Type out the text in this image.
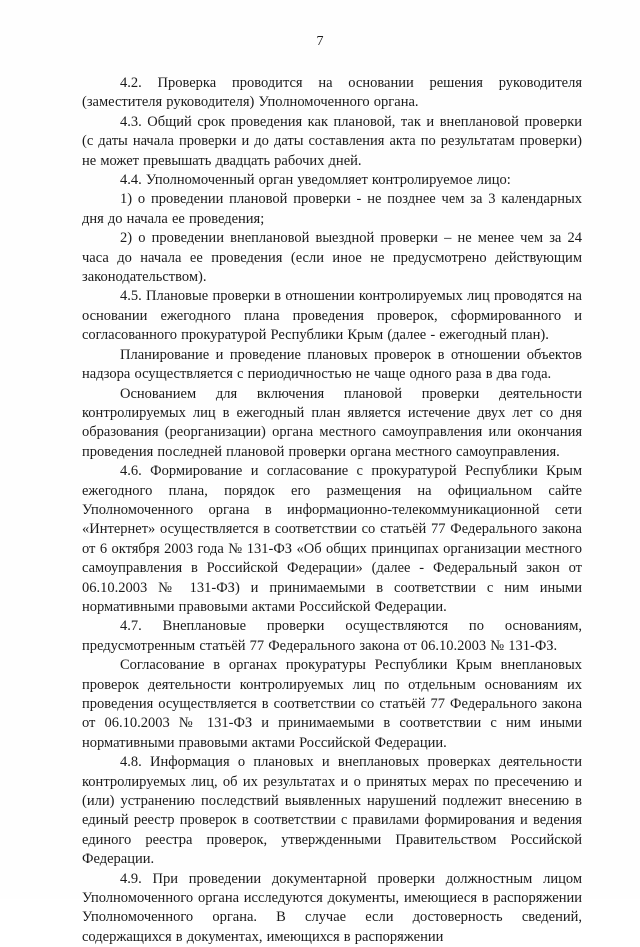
7

4.2. Проверка проводится на основании решения руководителя (заместителя руководителя) Уполномоченного органа.

4.3. Общий срок проведения как плановой, так и внеплановой проверки (с даты начала проверки и до даты составления акта по результатам проверки) не может превышать двадцать рабочих дней.

4.4. Уполномоченный орган уведомляет контролируемое лицо:

1) о проведении плановой проверки - не позднее чем за 3 календарных дня до начала ее проведения;

2) о проведении внеплановой выездной проверки – не менее чем за 24 часа до начала ее проведения (если иное не предусмотрено действующим законодательством).

4.5. Плановые проверки в отношении контролируемых лиц проводятся на основании ежегодного плана проведения проверок, сформированного и согласованного прокуратурой Республики Крым (далее - ежегодный план).

Планирование и проведение плановых проверок в отношении объектов надзора осуществляется с периодичностью не чаще одного раза в два года.

Основанием для включения плановой проверки деятельности контролируемых лиц в ежегодный план является истечение двух лет со дня образования (реорганизации) органа местного самоуправления или окончания проведения последней плановой проверки органа местного самоуправления.

4.6. Формирование и согласование с прокуратурой Республики Крым ежегодного плана, порядок его размещения на официальном сайте Уполномоченного органа в информационно-телекоммуникационной сети «Интернет» осуществляется в соответствии со статьёй 77 Федерального закона от 6 октября 2003 года № 131-ФЗ «Об общих принципах организации местного самоуправления в Российской Федерации» (далее - Федеральный закон от 06.10.2003 № 131-ФЗ) и принимаемыми в соответствии с ним иными нормативными правовыми актами Российской Федерации.

4.7. Внеплановые проверки осуществляются по основаниям, предусмотренным статьёй 77 Федерального закона от 06.10.2003 № 131-ФЗ.

Согласование в органах прокуратуры Республики Крым внеплановых проверок деятельности контролируемых лиц по отдельным основаниям их проведения осуществляется в соответствии со статьёй 77 Федерального закона от 06.10.2003 № 131-ФЗ и принимаемыми в соответствии с ним иными нормативными правовыми актами Российской Федерации.

4.8. Информация о плановых и внеплановых проверках деятельности контролируемых лиц, об их результатах и о принятых мерах по пресечению и (или) устранению последствий выявленных нарушений подлежит внесению в единый реестр проверок в соответствии с правилами формирования и ведения единого реестра проверок, утвержденными Правительством Российской Федерации.

4.9. При проведении документарной проверки должностным лицом Уполномоченного органа исследуются документы, имеющиеся в распоряжении Уполномоченного органа. В случае если достоверность сведений, содержащихся в документах, имеющихся в распоряжении
